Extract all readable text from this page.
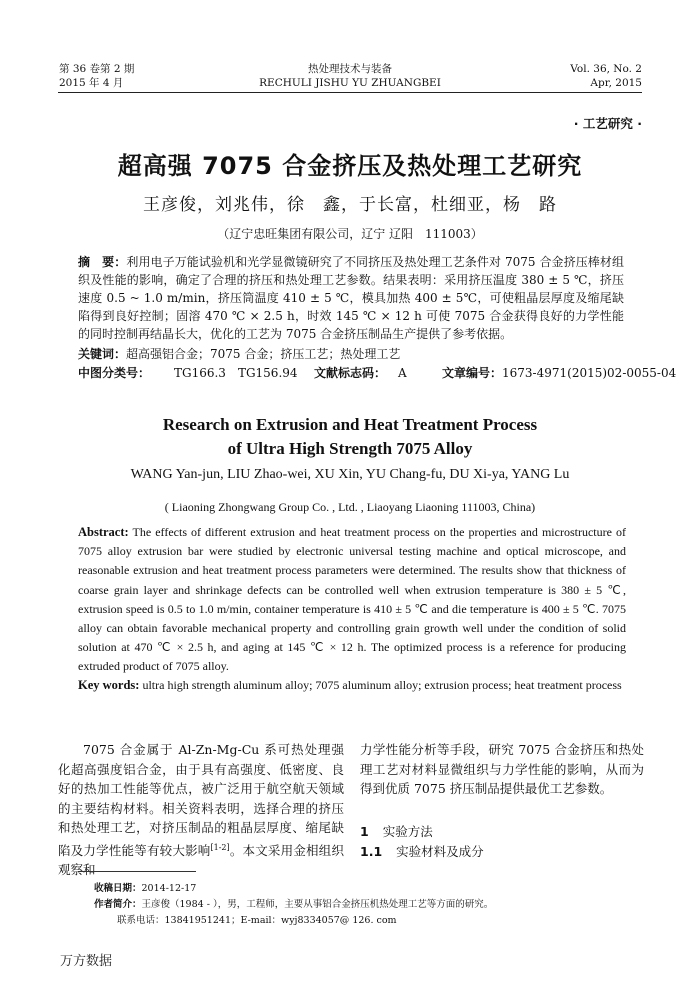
第 36 卷第 2 期
2015 年 4 月
热处理技术与装备
RECHULI JISHU YU ZHUANGBEI
Vol. 36, No. 2
Apr, 2015
· 工艺研究 ·
超高强 7075 合金挤压及热处理工艺研究
王彦俊，刘兆伟，徐　鑫，于长富，杜细亚，杨　路
（辽宁忠旺集团有限公司，辽宁 辽阳　111003）
摘　要：利用电子万能试验机和光学显微镜研究了不同挤压及热处理工艺条件对 7075 合金挤压棒材组织及性能的影响，确定了合理的挤压和热处理工艺参数。结果表明：采用挤压温度 380 ± 5 ℃，挤压速度 0.5 ~ 1.0 m/min，挤压筒温度 410 ± 5 ℃，模具加热 400 ± 5℃，可使粗晶层厚度及缩尾缺陷得到良好控制；固溶 470 ℃ × 2.5 h，时效 145 ℃ × 12 h 可使 7075 合金获得良好的力学性能的同时控制再结晶长大，优化的工艺为 7075 合金挤压制品生产提供了参考依据。
关键词：超高强铝合金；7075 合金；挤压工艺；热处理工艺
中图分类号： TG166.3　TG156.94 文献标志码： A	文章编号：1673-4971(2015)02-0055-04
Research on Extrusion and Heat Treatment Process
of Ultra High Strength 7075 Alloy
WANG Yan-jun, LIU Zhao-wei, XU Xin, YU Chang-fu, DU Xi-ya, YANG Lu
( Liaoning Zhongwang Group Co. , Ltd. , Liaoyang Liaoning 111003, China)
Abstract: The effects of different extrusion and heat treatment process on the properties and microstructure of 7075 alloy extrusion bar were studied by electronic universal testing machine and optical microscope, and reasonable extrusion and heat treatment process parameters were determined. The results show that thickness of coarse grain layer and shrinkage defects can be controlled well when extrusion temperature is 380 ± 5 ℃, extrusion speed is 0.5 to 1.0 m/min, container temperature is 410 ± 5 ℃ and die temperature is 400 ± 5 ℃. 7075 alloy can obtain favorable mechanical property and controlling grain growth well under the condition of solid solution at 470 ℃ × 2.5 h, and aging at 145 ℃ × 12 h. The optimized process is a reference for producing extruded product of 7075 alloy.
Key words: ultra high strength aluminum alloy; 7075 aluminum alloy; extrusion process; heat treatment process
7075 合金属于 Al-Zn-Mg-Cu 系可热处理强化超高强度铝合金，由于具有高强度、低密度、良好的热加工性能等优点，被广泛用于航空航天领域的主要结构材料。相关资料表明，选择合理的挤压和热处理工艺，对挤压制品的粗晶层厚度、缩尾缺陷及力学性能等有较大影响[1-2]。本文采用金相组织观察和
力学性能分析等手段，研究 7075 合金挤压和热处理工艺对材料显微组织与力学性能的影响，从而为得到优质 7075 挤压制品提供最优工艺参数。
1 实验方法
1.1 实验材料及成分
收稿日期：2014-12-17
作者简介：王彦俊（1984 - ），男，工程师，主要从事铝合金挤压机热处理工艺等方面的研究。
联系电话：13841951241；E-mail：wyj8334057@ 126. com
万方数据
